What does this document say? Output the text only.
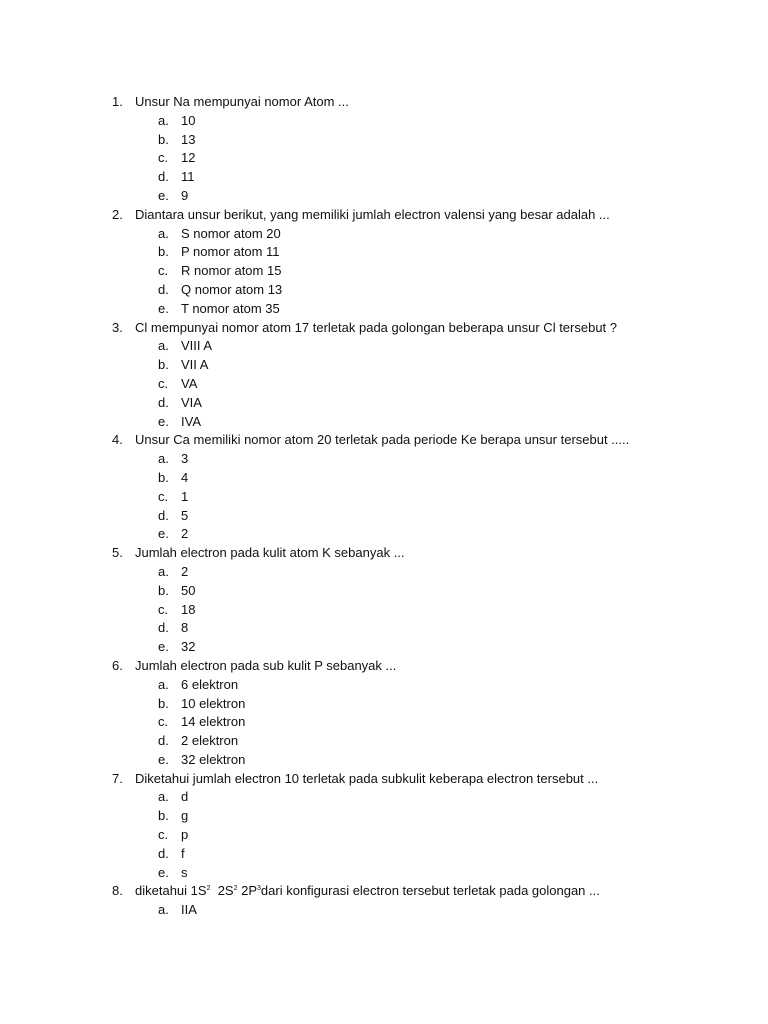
1. Unsur Na mempunyai nomor Atom ...
a. 10
b. 13
c. 12
d. 11
e. 9
2. Diantara unsur berikut, yang memiliki jumlah electron valensi yang besar adalah ...
a. S nomor atom 20
b. P nomor atom 11
c. R nomor atom 15
d. Q nomor atom 13
e. T nomor atom 35
3. Cl mempunyai nomor atom 17 terletak pada golongan beberapa unsur Cl tersebut ?
a. VIII A
b. VII A
c. VA
d. VIA
e. IVA
4. Unsur Ca memiliki nomor atom 20 terletak pada periode Ke berapa unsur tersebut .....
a. 3
b. 4
c. 1
d. 5
e. 2
5. Jumlah electron pada kulit atom K sebanyak ...
a. 2
b. 50
c. 18
d. 8
e. 32
6. Jumlah electron pada sub kulit P sebanyak ...
a. 6 elektron
b. 10 elektron
c. 14 elektron
d. 2 elektron
e. 32 elektron
7. Diketahui jumlah electron 10 terletak pada subkulit keberapa electron tersebut ...
a. d
b. g
c. p
d. f
e. s
8. diketahui $1S^2$  $2S^2$ $2P^3dari$ konfigurasi electron tersebut terletak pada golongan ...
a. IIA
